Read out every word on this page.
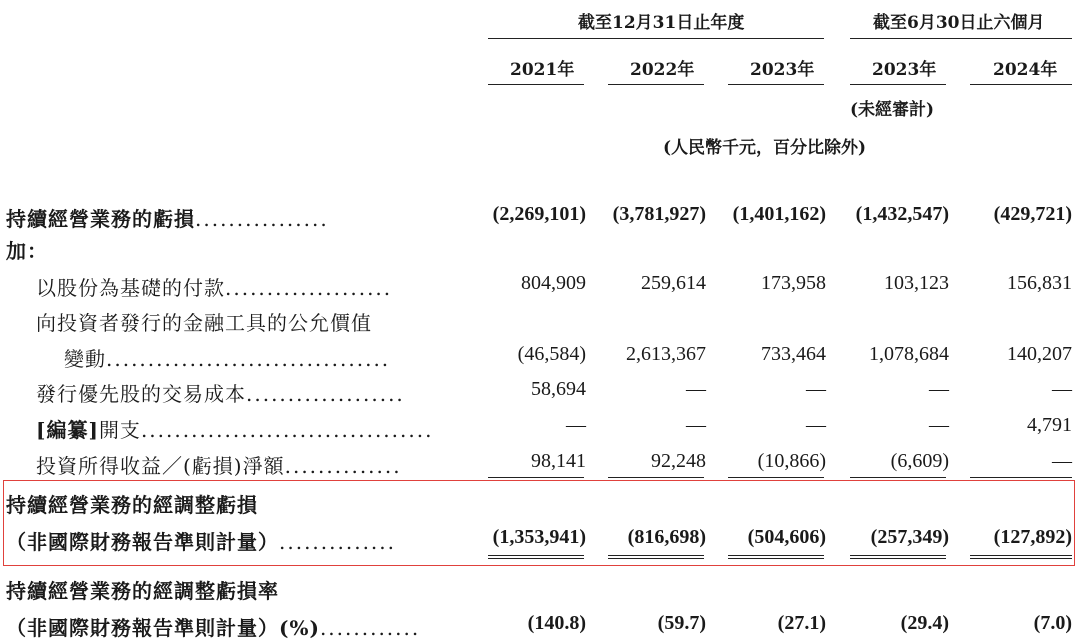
截至12月31日止年度	截至6月30日止六個月
2021年	2022年	2023年	2023年	2024年
(未經審計)
(人民幣千元，百分比除外)
持續經營業務的虧損................	(2,269,101) (3,781,927) (1,401,162) (1,432,547) (429,721)
加：
以股份為基礎的付款....................	804,909	259,614	173,958	103,123	156,831
向投資者發行的金融工具的公允價值
變動..................................	(46,584) 2,613,367	733,464 1,078,684	140,207
發行優先股的交易成本...................	58,694	—	—	—	—
[編纂]開支...................................	—	—	—	—	4,791
投資所得收益／(虧損)淨額..............	98,141	92,248	(10,866)	(6,609)	—
持續經營業務的經調整虧損
（非國際財務報告準則計量）..............	(1,353,941) (816,698) (504,606) (257,349) (127,892)
持續經營業務的經調整虧損率
（非國際財務報告準則計量）(%)............	(140.8)	(59.7)	(27.1)	(29.4)	(7.0)
